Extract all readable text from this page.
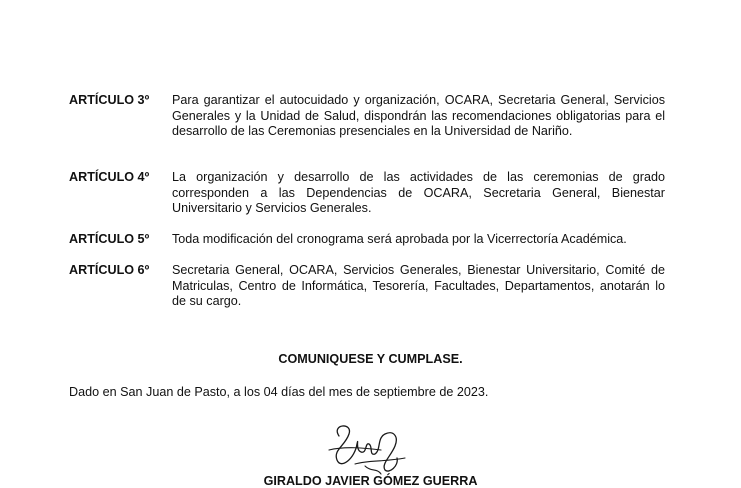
ARTÍCULO 3º Para garantizar el autocuidado y organización, OCARA, Secretaria General, Servicios Generales y la Unidad de Salud, dispondrán las recomendaciones obligatorias para el desarrollo de las Ceremonias presenciales en la Universidad de Nariño.
ARTÍCULO 4º La organización y desarrollo de las actividades de las ceremonias de grado corresponden a las Dependencias de OCARA, Secretaria General, Bienestar Universitario y Servicios Generales.
ARTÍCULO 5º Toda modificación del cronograma será aprobada por la Vicerrectoría Académica.
ARTÍCULO 6º Secretaria General, OCARA, Servicios Generales, Bienestar Universitario, Comité de Matriculas, Centro de Informática, Tesorería, Facultades, Departamentos, anotarán lo de su cargo.
COMUNIQUESE Y CUMPLASE.
Dado en San Juan de Pasto, a los 04 días del mes de septiembre de 2023.
GIRALDO JAVIER GÓMEZ GUERRA
